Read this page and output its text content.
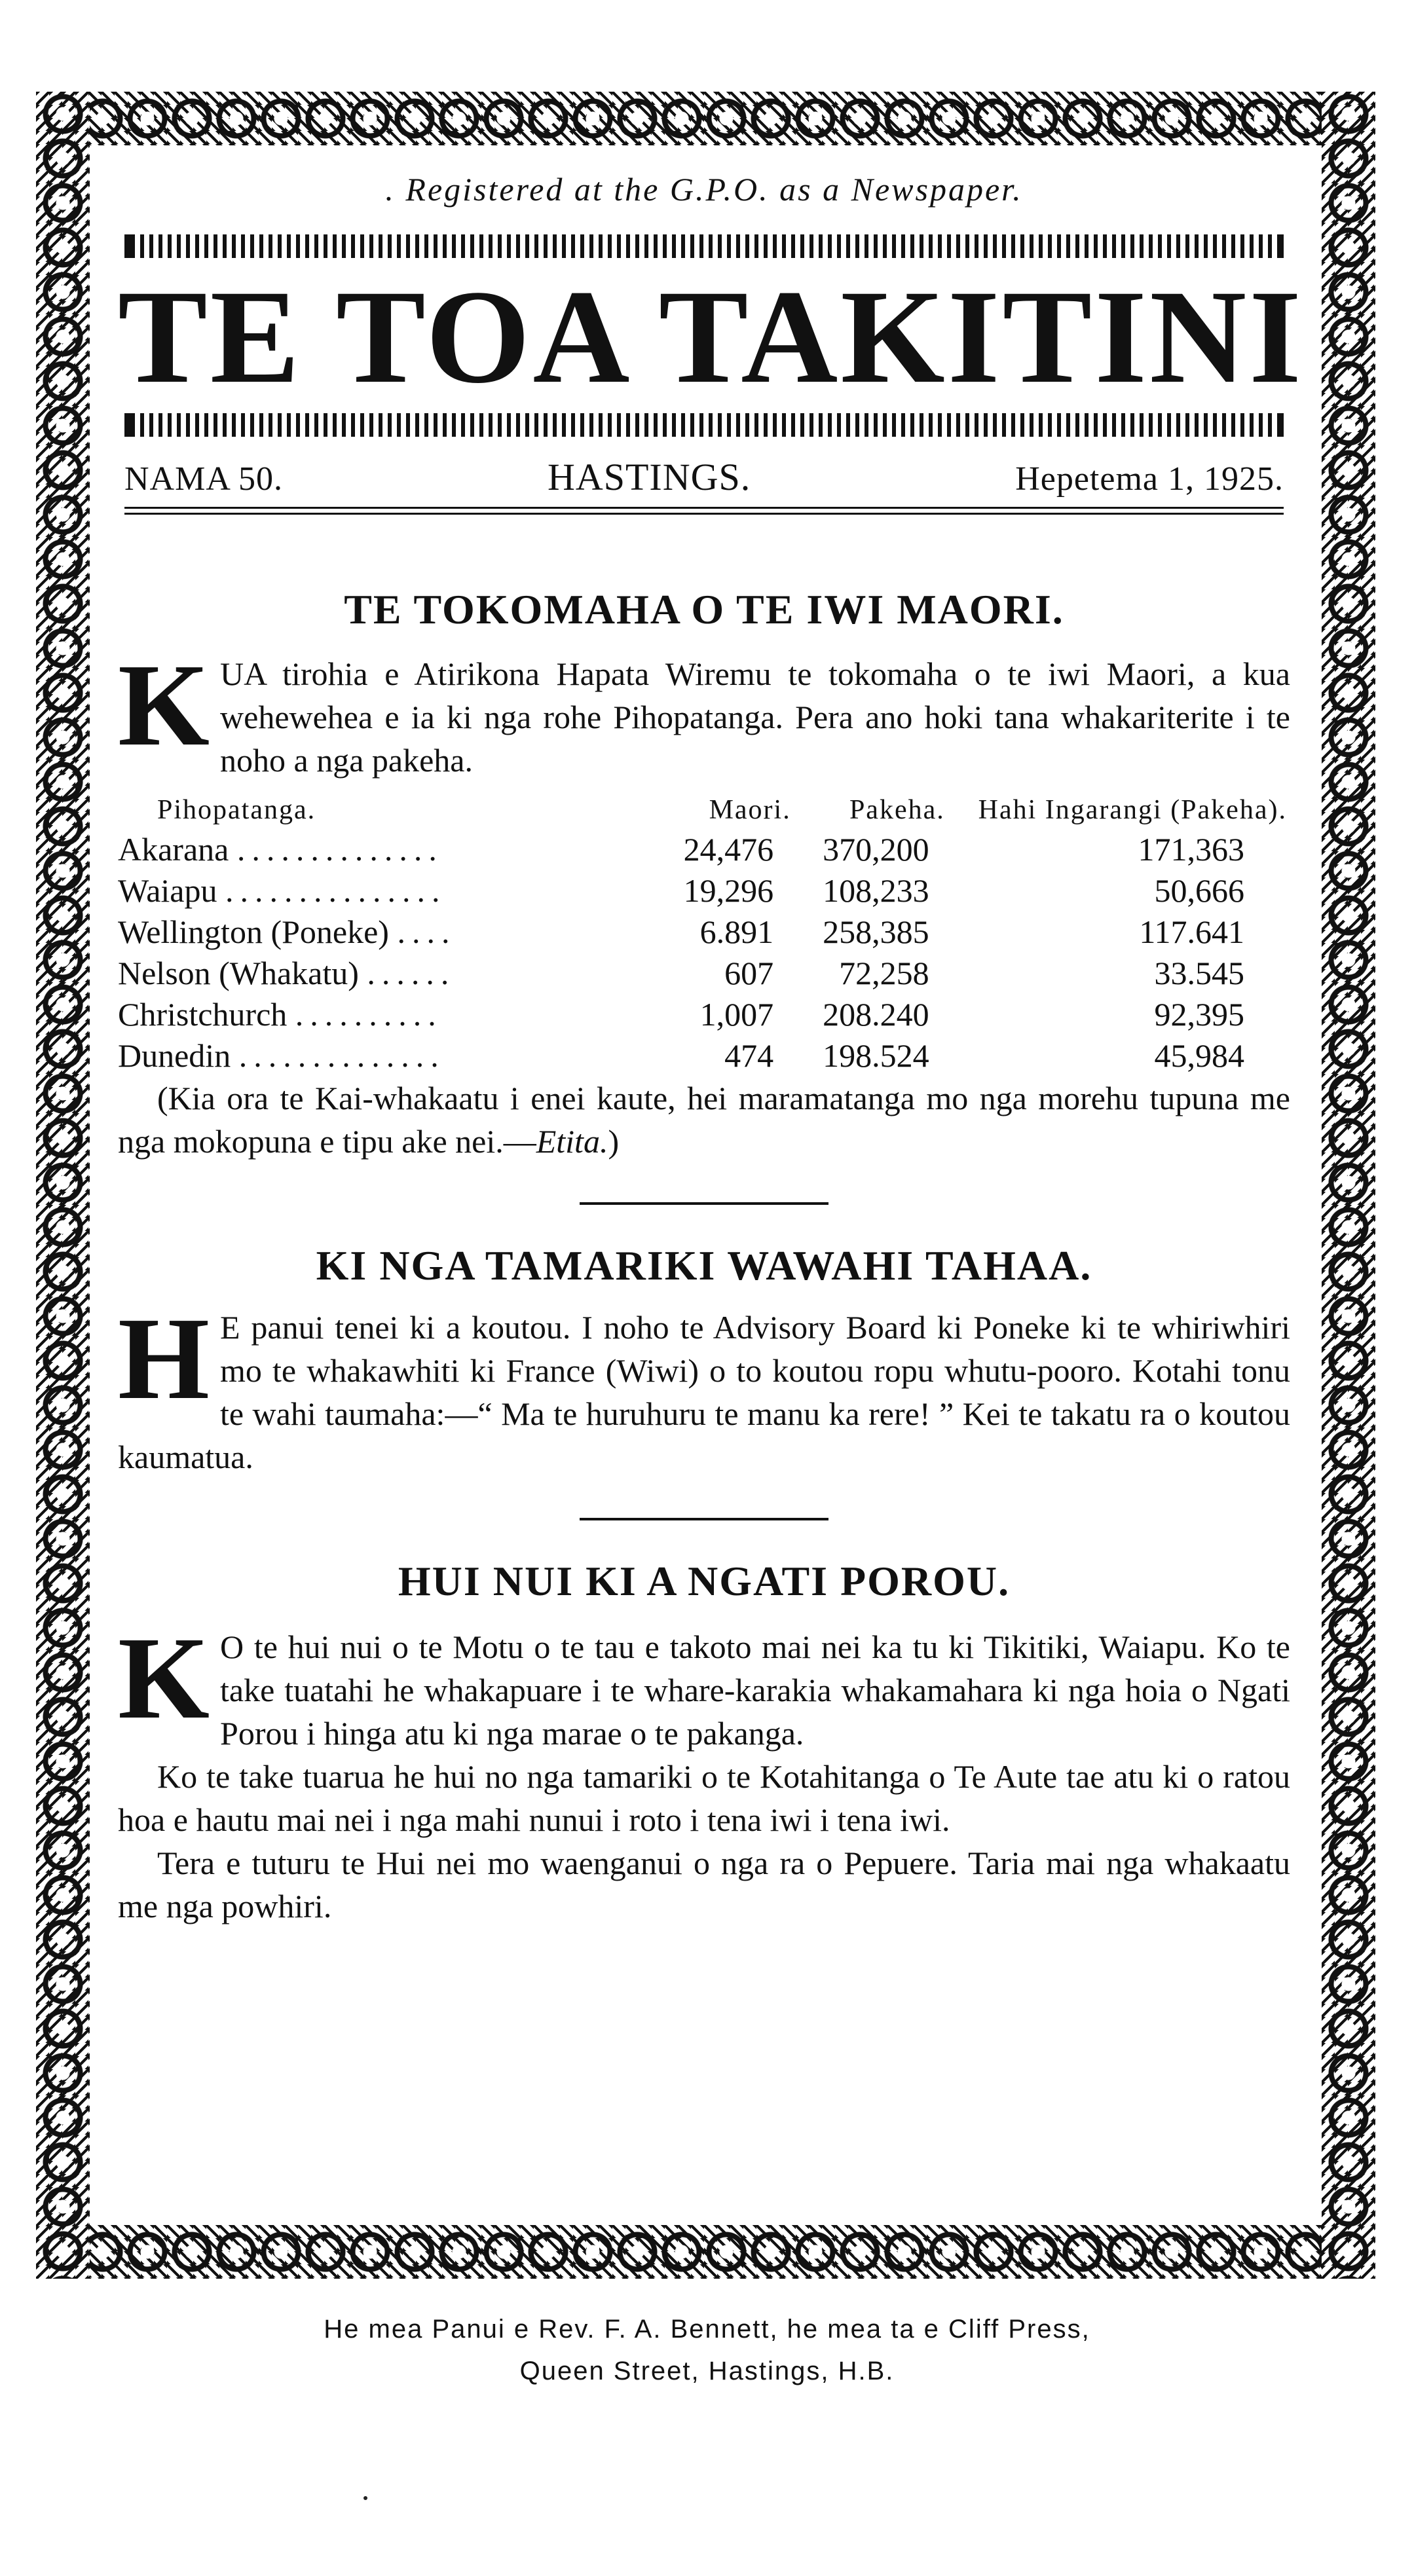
. Registered at the G.P.O. as a Newspaper.

TE TOA TAKITINI
NAMA 50.	HASTINGS.	Hepetema 1, 1925.
TE TOKOMAHA O TE IWI MAORI.

K UA tirohia e Atirikona Hapata Wiremu te tokomaha o te iwi Maori, a kua wehewehea e ia ki nga rohe Pihopatanga. Pera ano hoki tana whakariterite i te noho a nga pakeha.

Pihopatanga.	Maori.	Pakeha.	Hahi Ingarangi (Pakeha).
Akarana ..............	24,476	370,200	171,363
Waiapu ...............	19,296	108,233	50,666
Wellington (Poneke) ....	6.891	258,385	117.641
Nelson (Whakatu) ......	607	72,258	33.545
Christchurch ..........	1,007	208.240	92,395
Dunedin ..............	474	198.524	45,984

(Kia ora te Kai-whakaatu i enei kaute, hei maramatanga mo nga morehu tupuna me nga mokopuna e tipu ake nei.—Etita.)

KI NGA TAMARIKI WAWAHI TAHAA.

H E panui tenei ki a koutou. I noho te Advisory Board ki Poneke ki te whiriwhiri mo te whakawhiti ki France (Wiwi) o to koutou ropu whutu-pooro. Kotahi tonu te wahi taumaha:—“ Ma te huruhuru te manu ka rere! ” Kei te takatu ra o koutou kaumatua.

HUI NUI KI A NGATI POROU.

K O te hui nui o te Motu o te tau e takoto mai nei ka tu ki Tikitiki, Waiapu. Ko te take tuatahi he whakapuare i te whare-karakia whakamahara ki nga hoia o Ngati Porou i hinga atu ki nga marae o te pakanga.

Ko te take tuarua he hui no nga tamariki o te Kotahitanga o Te Aute tae atu ki o ratou hoa e hautu mai nei i nga mahi nunui i roto i tena iwi i tena iwi.

Tera e tuturu te Hui nei mo waenganui o nga ra o Pepuere. Taria mai nga whakaatu me nga powhiri.

He mea Panui e Rev. F. A. Bennett, he mea ta e Cliff Press,
Queen Street, Hastings, H.B.
